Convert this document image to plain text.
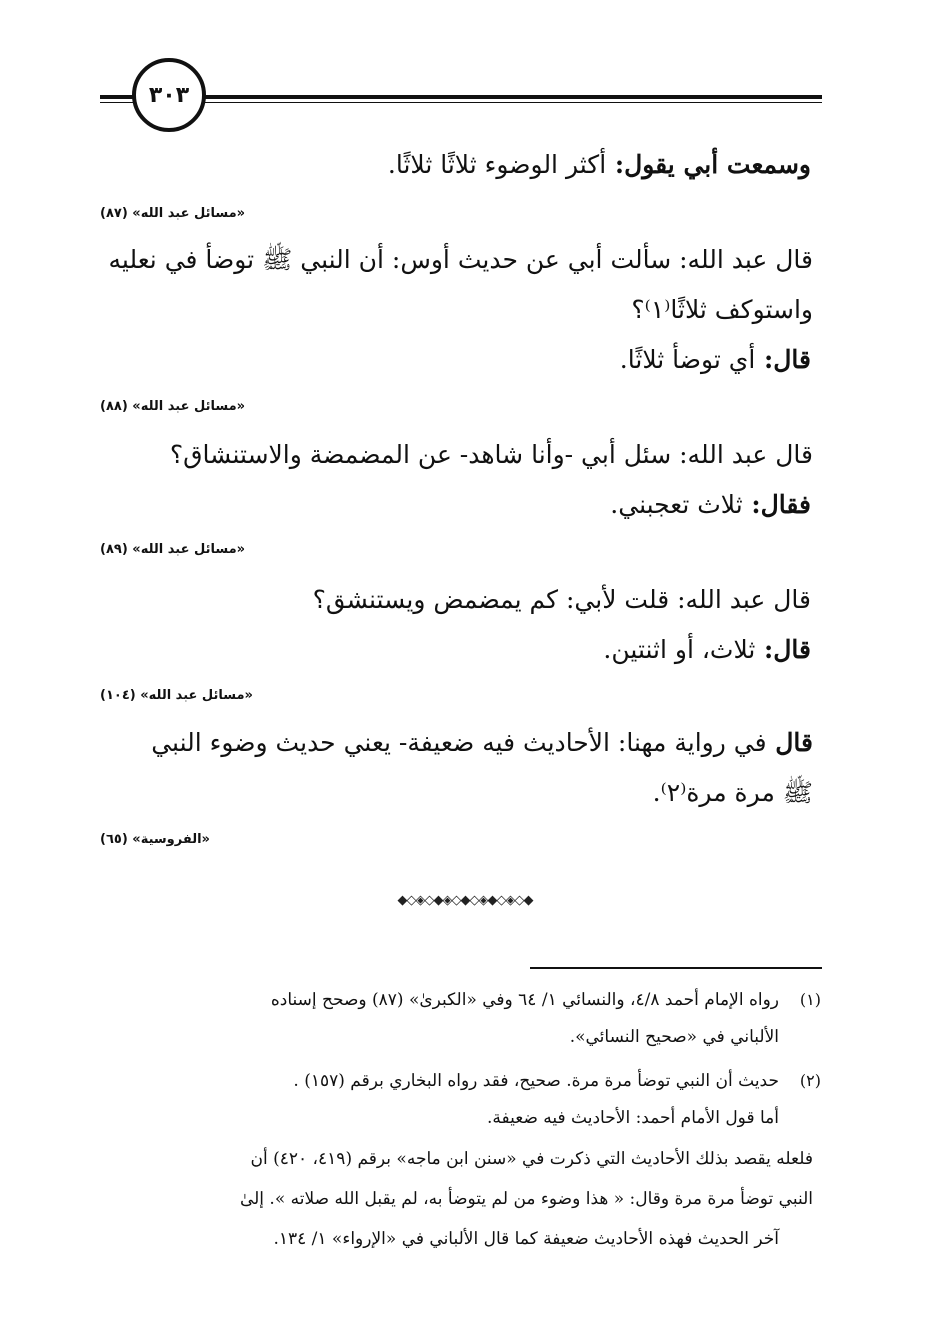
٣٠٣
وسمعت أبي يقول: أكثر الوضوء ثلاثًا ثلاثًا.
«مسائل عبد الله» (٨٧)
قال عبد الله: سألت أبي عن حديث أوس: أن النبي ﷺ توضأ في نعليه
واستوكف ثلاثًا⁽١⁾؟
قال: أي توضأ ثلاثًا.
«مسائل عبد الله» (٨٨)
قال عبد الله: سئل أبي -وأنا شاهد- عن المضمضة والاستنشاق؟
فقال: ثلاث تعجبني.
«مسائل عبد الله» (٨٩)
قال عبد الله: قلت لأبي: كم يمضمض ويستنشق؟
قال: ثلاث، أو اثنتين.
«مسائل عبد الله» (١٠٤)
قال في رواية مهنا: الأحاديث فيه ضعيفة- يعني حديث وضوء النبي
ﷺ مرة مرة⁽٢⁾.
«الفروسية» (٦٥)
◆◇◈◇◆◈◇◆◇◈◆◇◈◇◆
(١)
رواه الإمام أحمد ٤/٨، والنسائي ١/ ٦٤ وفي «الكبرىٰ» (٨٧) وصحح إسناده
الألباني في «صحيح النسائي».
(٢)
حديث أن النبي توضأ مرة مرة. صحيح، فقد رواه البخاري برقم (١٥٧) .
أما قول الأمام أحمد: الأحاديث فيه ضعيفة.
فلعله يقصد بذلك الأحاديث التي ذكرت في «سنن ابن ماجه» برقم (٤١٩، ٤٢٠) أن
النبي توضأ مرة مرة وقال: « هذا وضوء من لم يتوضأ به، لم يقبل الله صلاته ». إلىٰ
آخر الحديث فهذه الأحاديث ضعيفة كما قال الألباني في «الإرواء» ١/ ١٣٤.
